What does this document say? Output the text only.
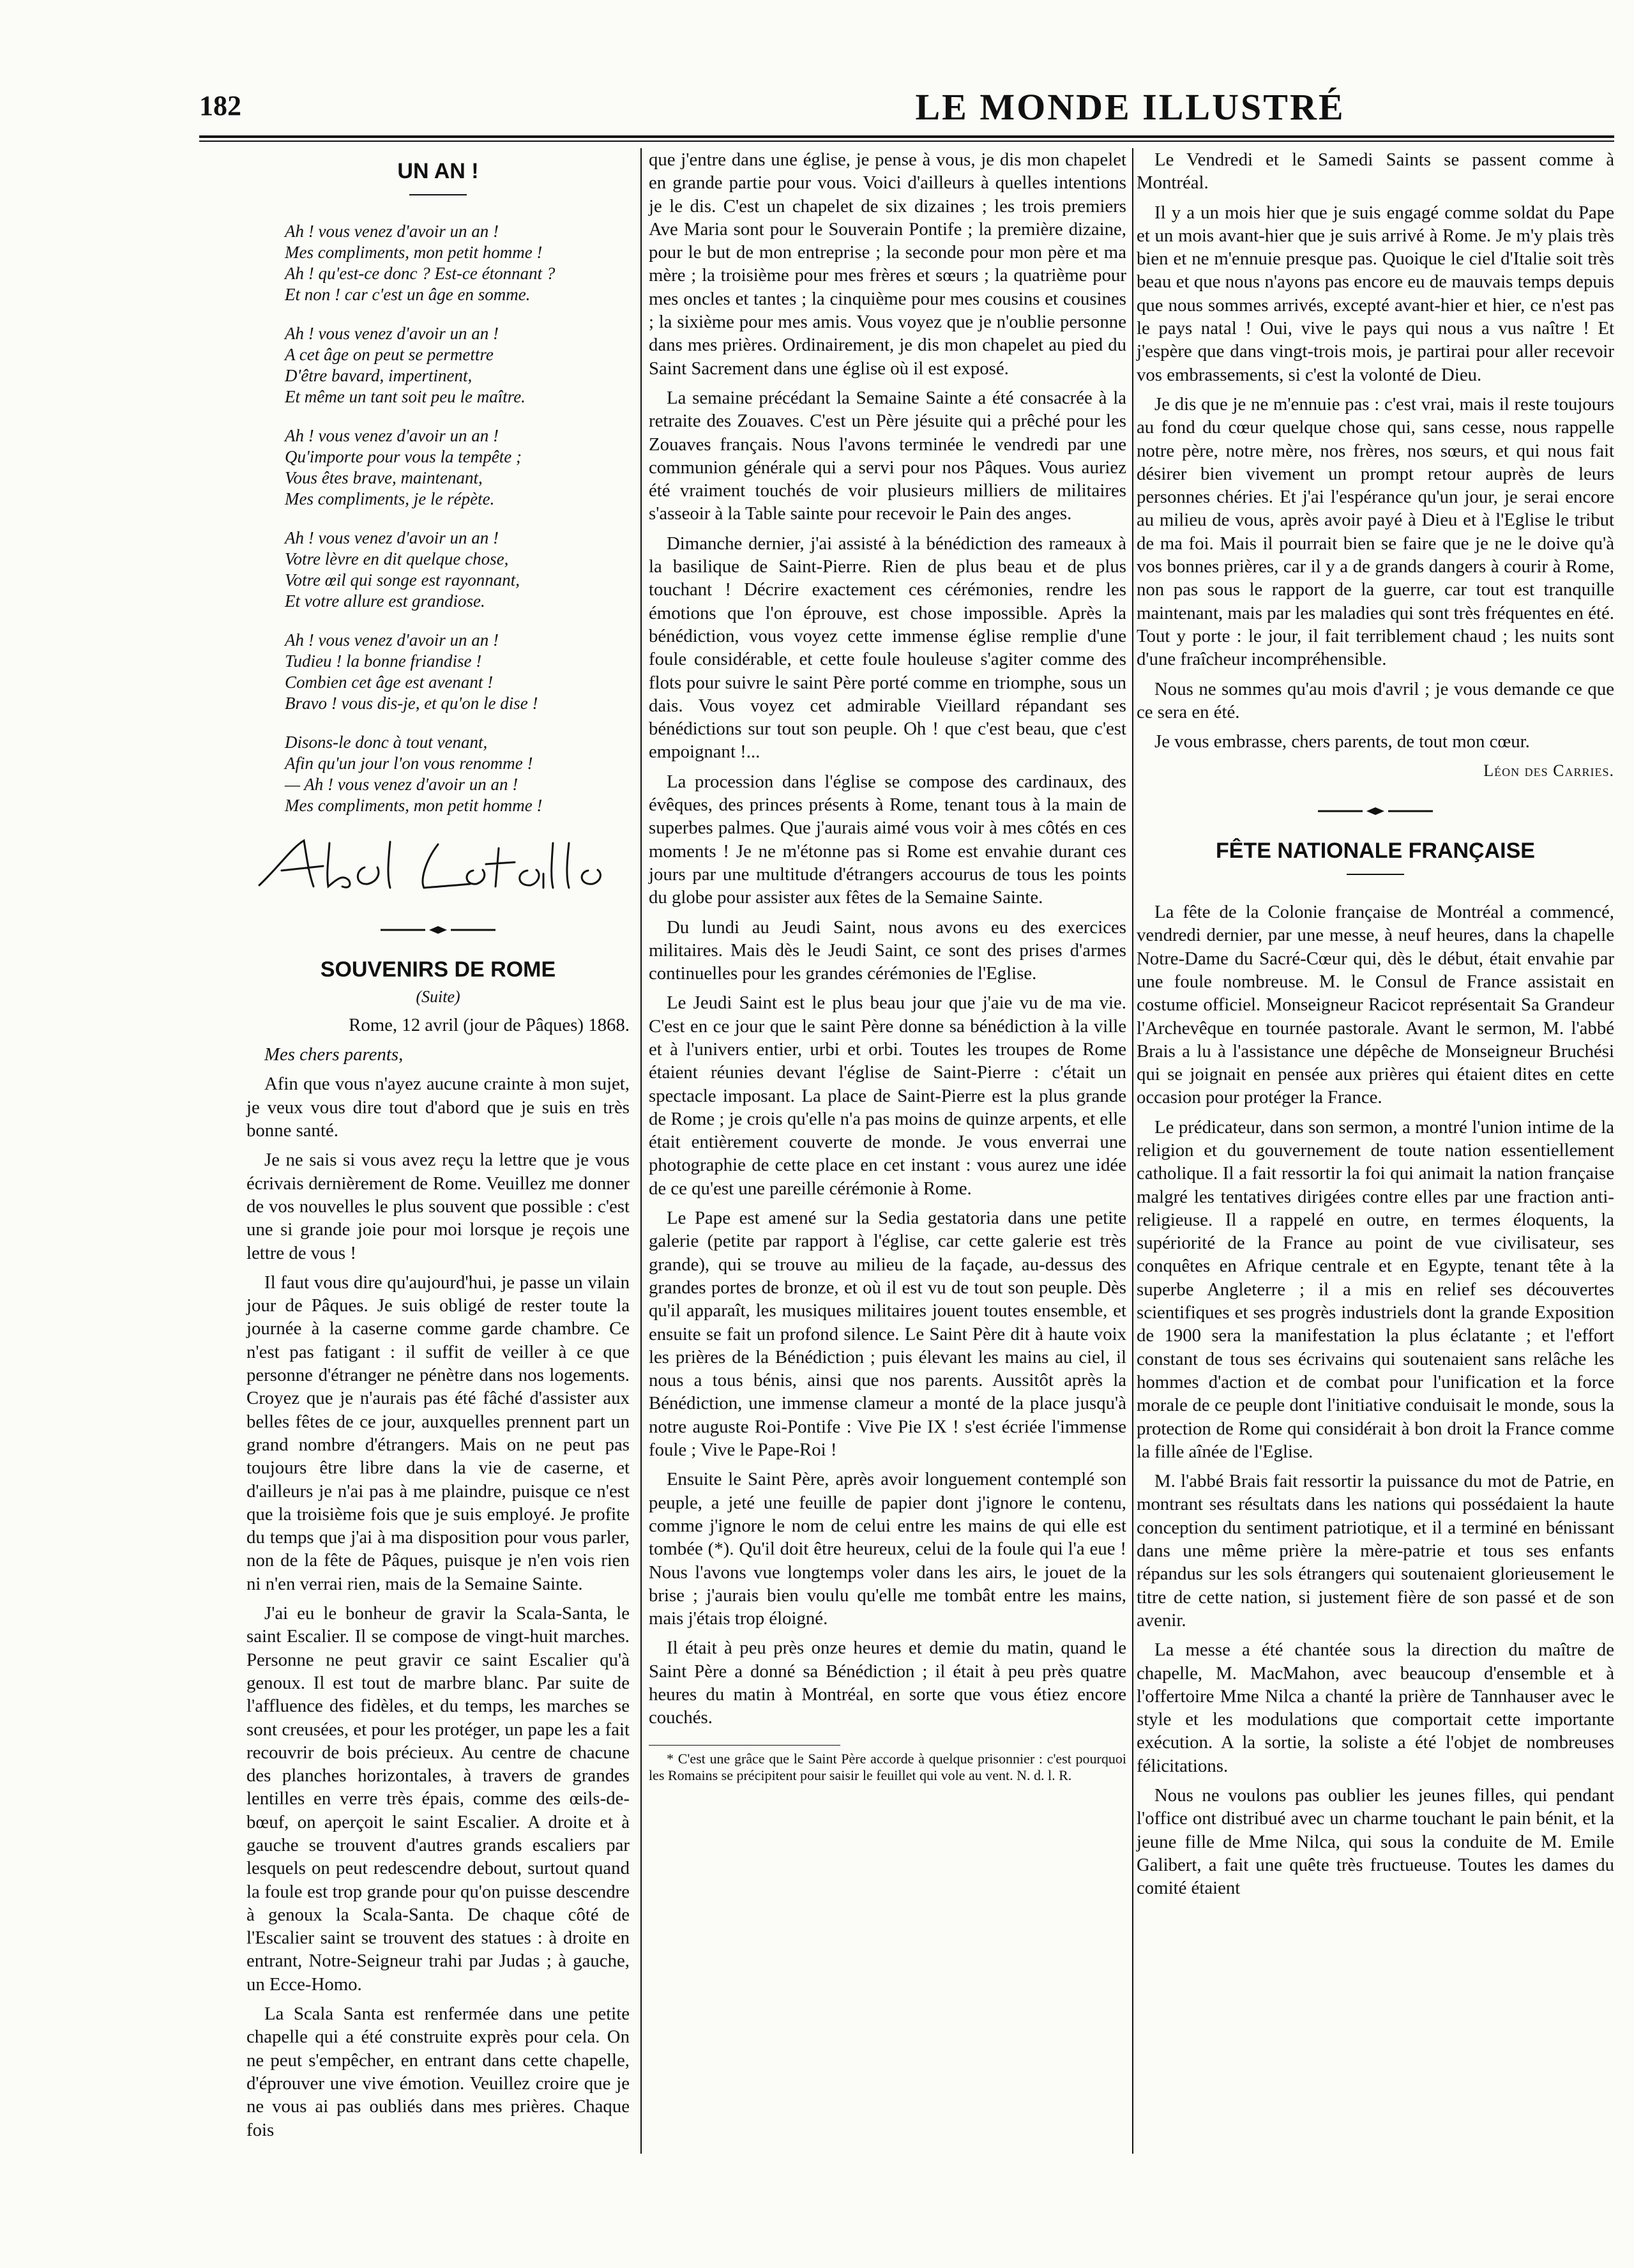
182	LE MONDE ILLUSTRÉ
UN AN !
Ah ! vous venez d'avoir un an !
Mes compliments, mon petit homme !
Ah ! qu'est-ce donc ? Est-ce étonnant ?
Et non ! car c'est un âge en somme.
Ah ! vous venez d'avoir un an !
A cet âge on peut se permettre
D'être bavard, impertinent,
Et même un tant soit peu le maître.
Ah ! vous venez d'avoir un an !
Qu'importe pour vous la tempête ;
Vous êtes brave, maintenant,
Mes compliments, je le répète.
Ah ! vous venez d'avoir un an !
Votre lèvre en dit quelque chose,
Votre œil qui songe est rayonnant,
Et votre allure est grandiose.
Ah ! vous venez d'avoir un an !
Tudieu ! la bonne friandise !
Combien cet âge est avenant !
Bravo ! vous dis-je, et qu'on le dise !
Disons-le donc à tout venant,
Afin qu'un jour l'on vous renomme !
— Ah ! vous venez d'avoir un an !
Mes compliments, mon petit homme !
SOUVENIRS DE ROME
(Suite)

Rome, 12 avril (jour de Pâques) 1868.

Mes chers parents,

Afin que vous n'ayez aucune crainte à mon sujet, je veux vous dire tout d'abord que je suis en très bonne santé.

Je ne sais si vous avez reçu la lettre que je vous écrivais dernièrement de Rome. Veuillez me donner de vos nouvelles le plus souvent que possible : c'est une si grande joie pour moi lorsque je reçois une lettre de vous !

Il faut vous dire qu'aujourd'hui, je passe un vilain jour de Pâques. Je suis obligé de rester toute la journée à la caserne comme garde chambre. Ce n'est pas fatigant : il suffit de veiller à ce que personne d'étranger ne pénètre dans nos logements. Croyez que je n'aurais pas été fâché d'assister aux belles fêtes de ce jour, auxquelles prennent part un grand nombre d'étrangers. Mais on ne peut pas toujours être libre dans la vie de caserne, et d'ailleurs je n'ai pas à me plaindre, puisque ce n'est que la troisième fois que je suis employé. Je profite du temps que j'ai à ma disposition pour vous parler, non de la fête de Pâques, puisque je n'en vois rien ni n'en verrai rien, mais de la Semaine Sainte.

J'ai eu le bonheur de gravir la Scala-Santa, le saint Escalier. Il se compose de vingt-huit marches. Personne ne peut gravir ce saint Escalier qu'à genoux. Il est tout de marbre blanc. Par suite de l'affluence des fidèles, et du temps, les marches se sont creusées, et pour les protéger, un pape les a fait recouvrir de bois précieux. Au centre de chacune des planches horizontales, à travers de grandes lentilles en verre très épais, comme des œils-de-bœuf, on aperçoit le saint Escalier. A droite et à gauche se trouvent d'autres grands escaliers par lesquels on peut redescendre debout, surtout quand la foule est trop grande pour qu'on puisse descendre à genoux la Scala-Santa. De chaque côté de l'Escalier saint se trouvent des statues : à droite en entrant, Notre-Seigneur trahi par Judas ; à gauche, un Ecce-Homo.

La Scala Santa est renfermée dans une petite chapelle qui a été construite exprès pour cela. On ne peut s'empêcher, en entrant dans cette chapelle, d'éprouver une vive émotion. Veuillez croire que je ne vous ai pas oubliés dans mes prières. Chaque fois

que j'entre dans une église, je pense à vous, je dis mon chapelet en grande partie pour vous. Voici d'ailleurs à quelles intentions je le dis. C'est un chapelet de six dizaines ; les trois premiers Ave Maria sont pour le Souverain Pontife ; la première dizaine, pour le but de mon entreprise ; la seconde pour mon père et ma mère ; la troisième pour mes frères et sœurs ; la quatrième pour mes oncles et tantes ; la cinquième pour mes cousins et cousines ; la sixième pour mes amis. Vous voyez que je n'oublie personne dans mes prières. Ordinairement, je dis mon chapelet au pied du Saint Sacrement dans une église où il est exposé.

La semaine précédant la Semaine Sainte a été consacrée à la retraite des Zouaves. C'est un Père jésuite qui a prêché pour les Zouaves français. Nous l'avons terminée le vendredi par une communion générale qui a servi pour nos Pâques. Vous auriez été vraiment touchés de voir plusieurs milliers de militaires s'asseoir à la Table sainte pour recevoir le Pain des anges.

Dimanche dernier, j'ai assisté à la bénédiction des rameaux à la basilique de Saint-Pierre. Rien de plus beau et de plus touchant ! Décrire exactement ces cérémonies, rendre les émotions que l'on éprouve, est chose impossible. Après la bénédiction, vous voyez cette immense église remplie d'une foule considérable, et cette foule houleuse s'agiter comme des flots pour suivre le saint Père porté comme en triomphe, sous un dais. Vous voyez cet admirable Vieillard répandant ses bénédictions sur tout son peuple. Oh ! que c'est beau, que c'est empoignant !...

La procession dans l'église se compose des cardinaux, des évêques, des princes présents à Rome, tenant tous à la main de superbes palmes. Que j'aurais aimé vous voir à mes côtés en ces moments ! Je ne m'étonne pas si Rome est envahie durant ces jours par une multitude d'étrangers accourus de tous les points du globe pour assister aux fêtes de la Semaine Sainte.

Du lundi au Jeudi Saint, nous avons eu des exercices militaires. Mais dès le Jeudi Saint, ce sont des prises d'armes continuelles pour les grandes cérémonies de l'Eglise.

Le Jeudi Saint est le plus beau jour que j'aie vu de ma vie. C'est en ce jour que le saint Père donne sa bénédiction à la ville et à l'univers entier, urbi et orbi. Toutes les troupes de Rome étaient réunies devant l'église de Saint-Pierre : c'était un spectacle imposant. La place de Saint-Pierre est la plus grande de Rome ; je crois qu'elle n'a pas moins de quinze arpents, et elle était entièrement couverte de monde. Je vous enverrai une photographie de cette place en cet instant : vous aurez une idée de ce qu'est une pareille cérémonie à Rome.

Le Pape est amené sur la Sedia gestatoria dans une petite galerie (petite par rapport à l'église, car cette galerie est très grande), qui se trouve au milieu de la façade, au-dessus des grandes portes de bronze, et où il est vu de tout son peuple. Dès qu'il apparaît, les musiques militaires jouent toutes ensemble, et ensuite se fait un profond silence. Le Saint Père dit à haute voix les prières de la Bénédiction ; puis élevant les mains au ciel, il nous a tous bénis, ainsi que nos parents. Aussitôt après la Bénédiction, une immense clameur a monté de la place jusqu'à notre auguste Roi-Pontife : Vive Pie IX ! s'est écriée l'immense foule ; Vive le Pape-Roi !

Ensuite le Saint Père, après avoir longuement contemplé son peuple, a jeté une feuille de papier dont j'ignore le contenu, comme j'ignore le nom de celui entre les mains de qui elle est tombée (*). Qu'il doit être heureux, celui de la foule qui l'a eue ! Nous l'avons vue longtemps voler dans les airs, le jouet de la brise ; j'aurais bien voulu qu'elle me tombât entre les mains, mais j'étais trop éloigné.

Il était à peu près onze heures et demie du matin, quand le Saint Père a donné sa Bénédiction ; il était à peu près quatre heures du matin à Montréal, en sorte que vous étiez encore couchés.

* C'est une grâce que le Saint Père accorde à quelque prisonnier : c'est pourquoi les Romains se précipitent pour saisir le feuillet qui vole au vent. N. d. l. R.

Le Vendredi et le Samedi Saints se passent comme à Montréal.

Il y a un mois hier que je suis engagé comme soldat du Pape et un mois avant-hier que je suis arrivé à Rome. Je m'y plais très bien et ne m'ennuie presque pas. Quoique le ciel d'Italie soit très beau et que nous n'ayons pas encore eu de mauvais temps depuis que nous sommes arrivés, excepté avant-hier et hier, ce n'est pas le pays natal ! Oui, vive le pays qui nous a vus naître ! Et j'espère que dans vingt-trois mois, je partirai pour aller recevoir vos embrassements, si c'est la volonté de Dieu.

Je dis que je ne m'ennuie pas : c'est vrai, mais il reste toujours au fond du cœur quelque chose qui, sans cesse, nous rappelle notre père, notre mère, nos frères, nos sœurs, et qui nous fait désirer bien vivement un prompt retour auprès de leurs personnes chéries. Et j'ai l'espérance qu'un jour, je serai encore au milieu de vous, après avoir payé à Dieu et à l'Eglise le tribut de ma foi. Mais il pourrait bien se faire que je ne le doive qu'à vos bonnes prières, car il y a de grands dangers à courir à Rome, non pas sous le rapport de la guerre, car tout est tranquille maintenant, mais par les maladies qui sont très fréquentes en été. Tout y porte : le jour, il fait terriblement chaud ; les nuits sont d'une fraîcheur incompréhensible.

Nous ne sommes qu'au mois d'avril ; je vous demande ce que ce sera en été.

Je vous embrasse, chers parents, de tout mon cœur.

Léon des Carries.

FÊTE NATIONALE FRANÇAISE

La fête de la Colonie française de Montréal a commencé, vendredi dernier, par une messe, à neuf heures, dans la chapelle Notre-Dame du Sacré-Cœur qui, dès le début, était envahie par une foule nombreuse. M. le Consul de France assistait en costume officiel. Monseigneur Racicot représentait Sa Grandeur l'Archevêque en tournée pastorale. Avant le sermon, M. l'abbé Brais a lu à l'assistance une dépêche de Monseigneur Bruchési qui se joignait en pensée aux prières qui étaient dites en cette occasion pour protéger la France.

Le prédicateur, dans son sermon, a montré l'union intime de la religion et du gouvernement de toute nation essentiellement catholique. Il a fait ressortir la foi qui animait la nation française malgré les tentatives dirigées contre elles par une fraction anti-religieuse. Il a rappelé en outre, en termes éloquents, la supériorité de la France au point de vue civilisateur, ses conquêtes en Afrique centrale et en Egypte, tenant tête à la superbe Angleterre ; il a mis en relief ses découvertes scientifiques et ses progrès industriels dont la grande Exposition de 1900 sera la manifestation la plus éclatante ; et l'effort constant de tous ses écrivains qui soutenaient sans relâche les hommes d'action et de combat pour l'unification et la force morale de ce peuple dont l'initiative conduisait le monde, sous la protection de Rome qui considérait à bon droit la France comme la fille aînée de l'Eglise.

M. l'abbé Brais fait ressortir la puissance du mot de Patrie, en montrant ses résultats dans les nations qui possédaient la haute conception du sentiment patriotique, et il a terminé en bénissant dans une même prière la mère-patrie et tous ses enfants répandus sur les sols étrangers qui soutenaient glorieusement le titre de cette nation, si justement fière de son passé et de son avenir.

La messe a été chantée sous la direction du maître de chapelle, M. MacMahon, avec beaucoup d'ensemble et à l'offertoire Mme Nilca a chanté la prière de Tannhauser avec le style et les modulations que comportait cette importante exécution. A la sortie, la soliste a été l'objet de nombreuses félicitations.

Nous ne voulons pas oublier les jeunes filles, qui pendant l'office ont distribué avec un charme touchant le pain bénit, et la jeune fille de Mme Nilca, qui sous la conduite de M. Emile Galibert, a fait une quête très fructueuse. Toutes les dames du comité étaient
